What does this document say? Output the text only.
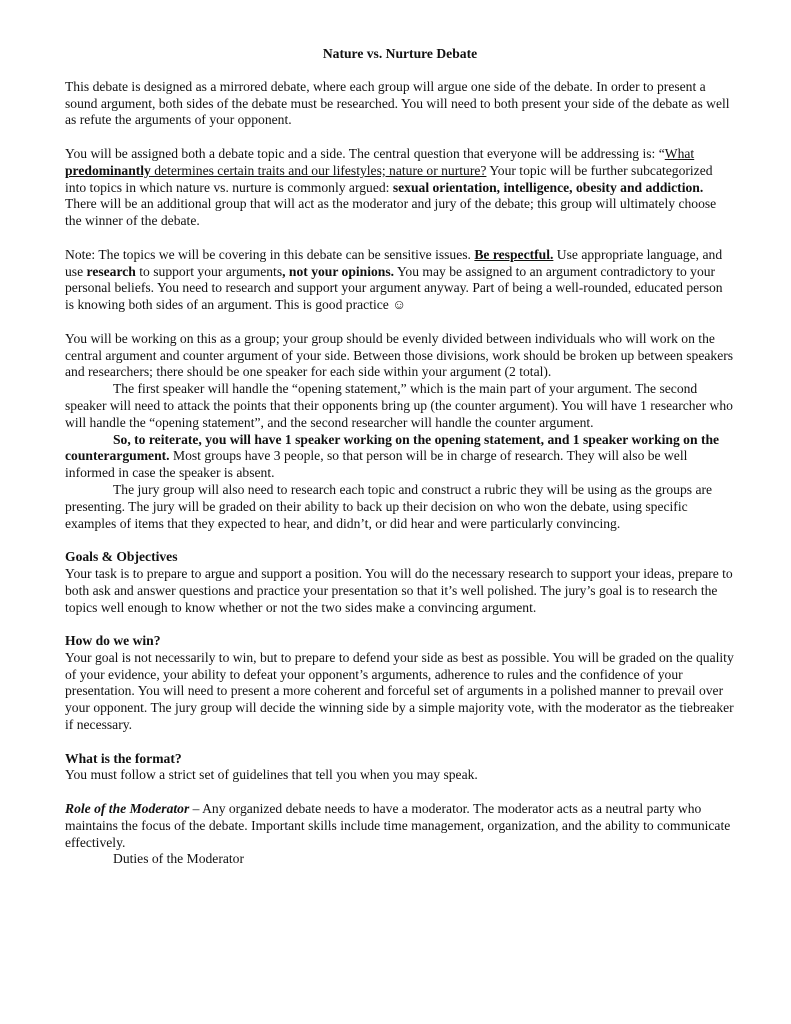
Nature vs. Nurture Debate

This debate is designed as a mirrored debate, where each group will argue one side of the debate. In order to present a sound argument, both sides of the debate must be researched. You will need to both present your side of the debate as well as refute the arguments of your opponent.

You will be assigned both a debate topic and a side. The central question that everyone will be addressing is: “What predominantly determines certain traits and our lifestyles; nature or nurture? Your topic will be further subcategorized into topics in which nature vs. nurture is commonly argued: sexual orientation, intelligence, obesity and addiction. There will be an additional group that will act as the moderator and jury of the debate; this group will ultimately choose the winner of the debate.

Note: The topics we will be covering in this debate can be sensitive issues. Be respectful. Use appropriate language, and use research to support your arguments, not your opinions. You may be assigned to an argument contradictory to your personal beliefs. You need to research and support your argument anyway. Part of being a well-rounded, educated person is knowing both sides of an argument. This is good practice ☺

You will be working on this as a group; your group should be evenly divided between individuals who will work on the central argument and counter argument of your side. Between those divisions, work should be broken up between speakers and researchers; there should be one speaker for each side within your argument (2 total).

The first speaker will handle the “opening statement,” which is the main part of your argument. The second speaker will need to attack the points that their opponents bring up (the counter argument). You will have 1 researcher who will handle the “opening statement”, and the second researcher will handle the counter argument.

So, to reiterate, you will have 1 speaker working on the opening statement, and 1 speaker working on the counterargument. Most groups have 3 people, so that person will be in charge of research. They will also be well informed in case the speaker is absent.

The jury group will also need to research each topic and construct a rubric they will be using as the groups are presenting. The jury will be graded on their ability to back up their decision on who won the debate, using specific examples of items that they expected to hear, and didn’t, or did hear and were particularly convincing.

Goals & Objectives

Your task is to prepare to argue and support a position. You will do the necessary research to support your ideas, prepare to both ask and answer questions and practice your presentation so that it’s well polished. The jury’s goal is to research the topics well enough to know whether or not the two sides make a convincing argument.

How do we win?

Your goal is not necessarily to win, but to prepare to defend your side as best as possible. You will be graded on the quality of your evidence, your ability to defeat your opponent’s arguments, adherence to rules and the confidence of your presentation. You will need to present a more coherent and forceful set of arguments in a polished manner to prevail over your opponent. The jury group will decide the winning side by a simple majority vote, with the moderator as the tiebreaker if necessary.

What is the format?

You must follow a strict set of guidelines that tell you when you may speak.

Role of the Moderator – Any organized debate needs to have a moderator. The moderator acts as a neutral party who maintains the focus of the debate. Important skills include time management, organization, and the ability to communicate effectively.

Duties of the Moderator
